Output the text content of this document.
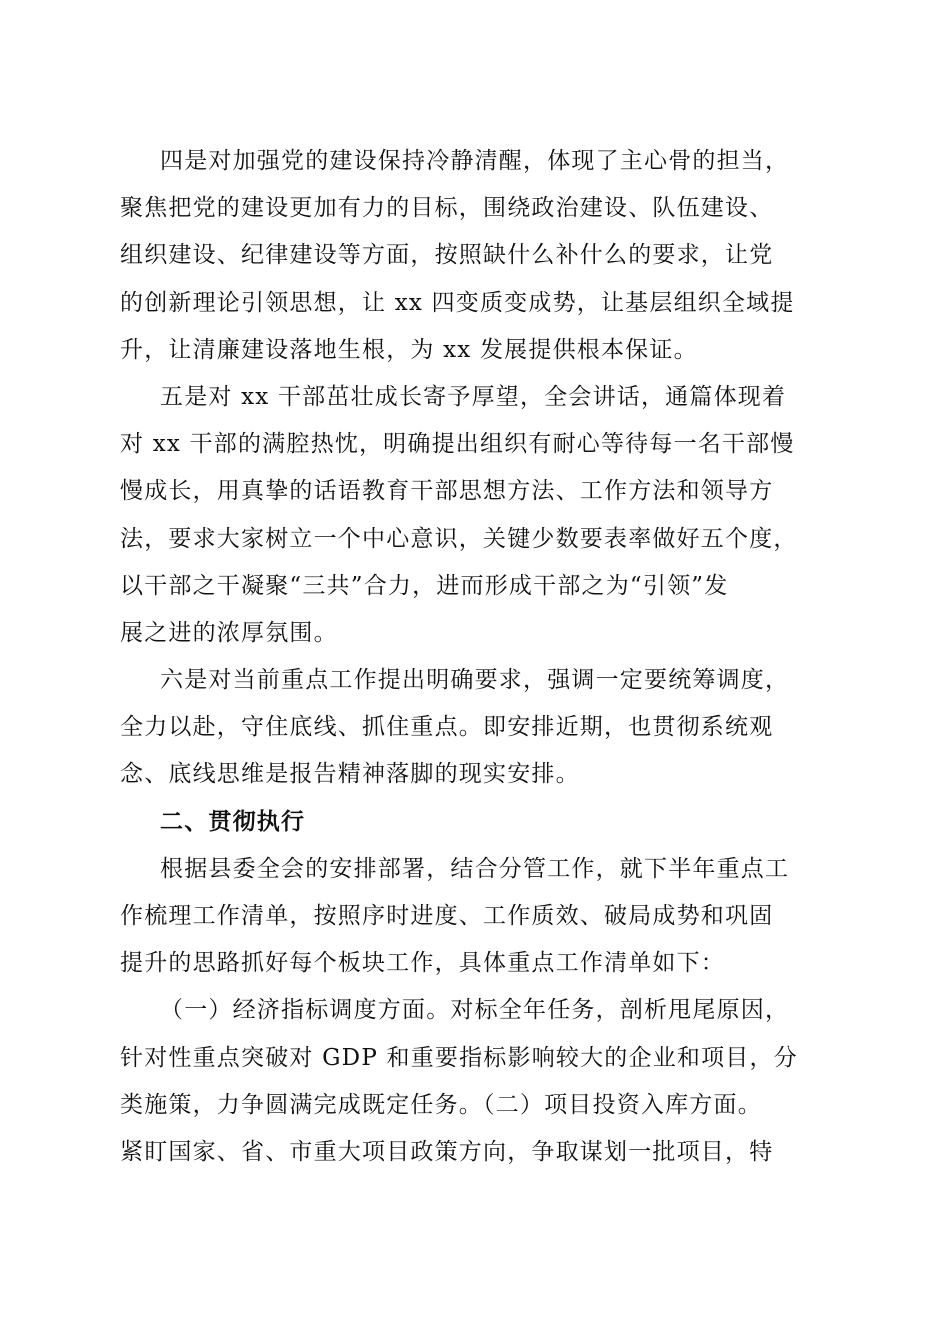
四是对加强党的建设保持冷静清醒，体现了主心骨的担当，
聚焦把党的建设更加有力的目标，围绕政治建设、队伍建设、
组织建设、纪律建设等方面，按照缺什么补什么的要求，让党
的创新理论引领思想，让 xx 四变质变成势，让基层组织全域提
升，让清廉建设落地生根，为 xx 发展提供根本保证。
五是对 xx 干部茁壮成长寄予厚望，全会讲话，通篇体现着
对 xx 干部的满腔热忱，明确提出组织有耐心等待每一名干部慢
慢成长，用真挚的话语教育干部思想方法、工作方法和领导方
法，要求大家树立一个中心意识，关键少数要表率做好五个度，
以干部之干凝聚“三共”合力，进而形成干部之为“引领”发
展之进的浓厚氛围。
六是对当前重点工作提出明确要求，强调一定要统筹调度，
全力以赴，守住底线、抓住重点。即安排近期，也贯彻系统观
念、底线思维是报告精神落脚的现实安排。
二、贯彻执行
根据县委全会的安排部署，结合分管工作，就下半年重点工
作梳理工作清单，按照序时进度、工作质效、破局成势和巩固
提升的思路抓好每个板块工作，具体重点工作清单如下：
（一）经济指标调度方面。对标全年任务，剖析甩尾原因，
针对性重点突破对 GDP 和重要指标影响较大的企业和项目，分
类施策，力争圆满完成既定任务。（二）项目投资入库方面。
紧盯国家、省、市重大项目政策方向，争取谋划一批项目，特
